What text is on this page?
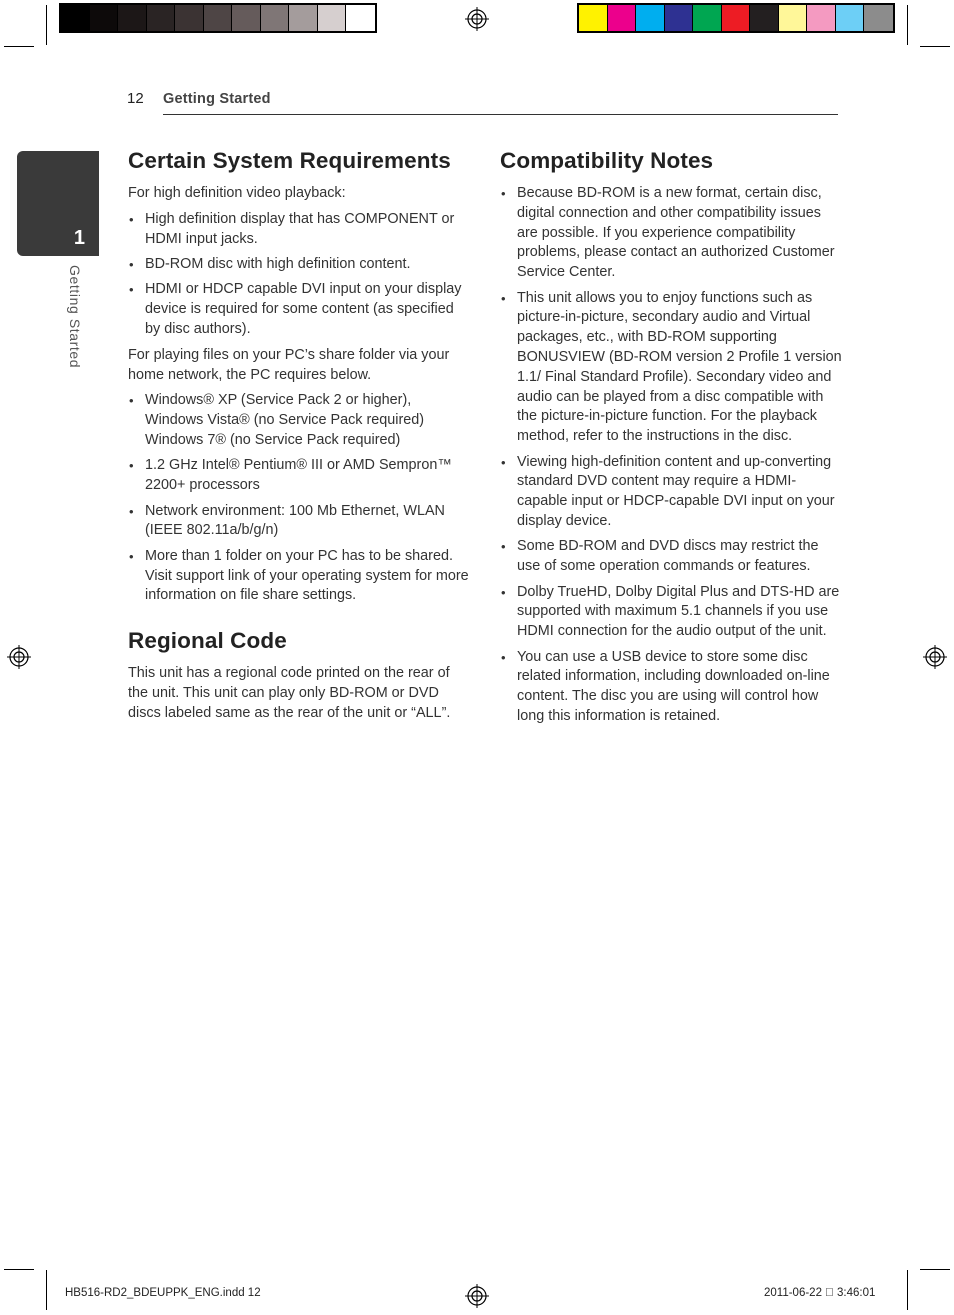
12 Getting Started
1
Getting Started
Certain System Requirements

For high definition video playback:

• High definition display that has COMPONENT or HDMI input jacks.
• BD-ROM disc with high definition content.
• HDMI or HDCP capable DVI input on your display device is required for some content (as specified by disc authors).

For playing files on your PC’s share folder via your home network, the PC requires below.

• Windows® XP (Service Pack 2 or higher), Windows Vista® (no Service Pack required) Windows 7® (no Service Pack required)
• 1.2 GHz Intel® Pentium® III or AMD Sempron™ 2200+ processors
• Network environment: 100 Mb Ethernet, WLAN (IEEE 802.11a/b/g/n)
• More than 1 folder on your PC has to be shared. Visit support link of your operating system for more information on file share settings.
Regional Code

This unit has a regional code printed on the rear of the unit. This unit can play only BD-ROM or DVD discs labeled same as the rear of the unit or “ALL”.

Compatibility Notes
• Because BD-ROM is a new format, certain disc, digital connection and other compatibility issues are possible. If you experience compatibility problems, please contact an authorized Customer Service Center.
• This unit allows you to enjoy functions such as picture-in-picture, secondary audio and Virtual packages, etc., with BD-ROM supporting BONUSVIEW (BD-ROM version 2 Profile 1 version 1.1/ Final Standard Profile). Secondary video and audio can be played from a disc compatible with the picture-in-picture function. For the playback method, refer to the instructions in the disc.
• Viewing high-definition content and up-converting standard DVD content may require a HDMI-capable input or HDCP-capable DVI input on your display device.
• Some BD-ROM and DVD discs may restrict the use of some operation commands or features.
• Dolby TrueHD, Dolby Digital Plus and DTS-HD are supported with maximum 5.1 channels if you use HDMI connection for the audio output of the unit.
• You can use a USB device to store some disc related information, including downloaded on-line content. The disc you are using will control how long this information is retained.
HB516-RD2_BDEUPPK_ENG.indd 12	2011-06-22   3:46:01
